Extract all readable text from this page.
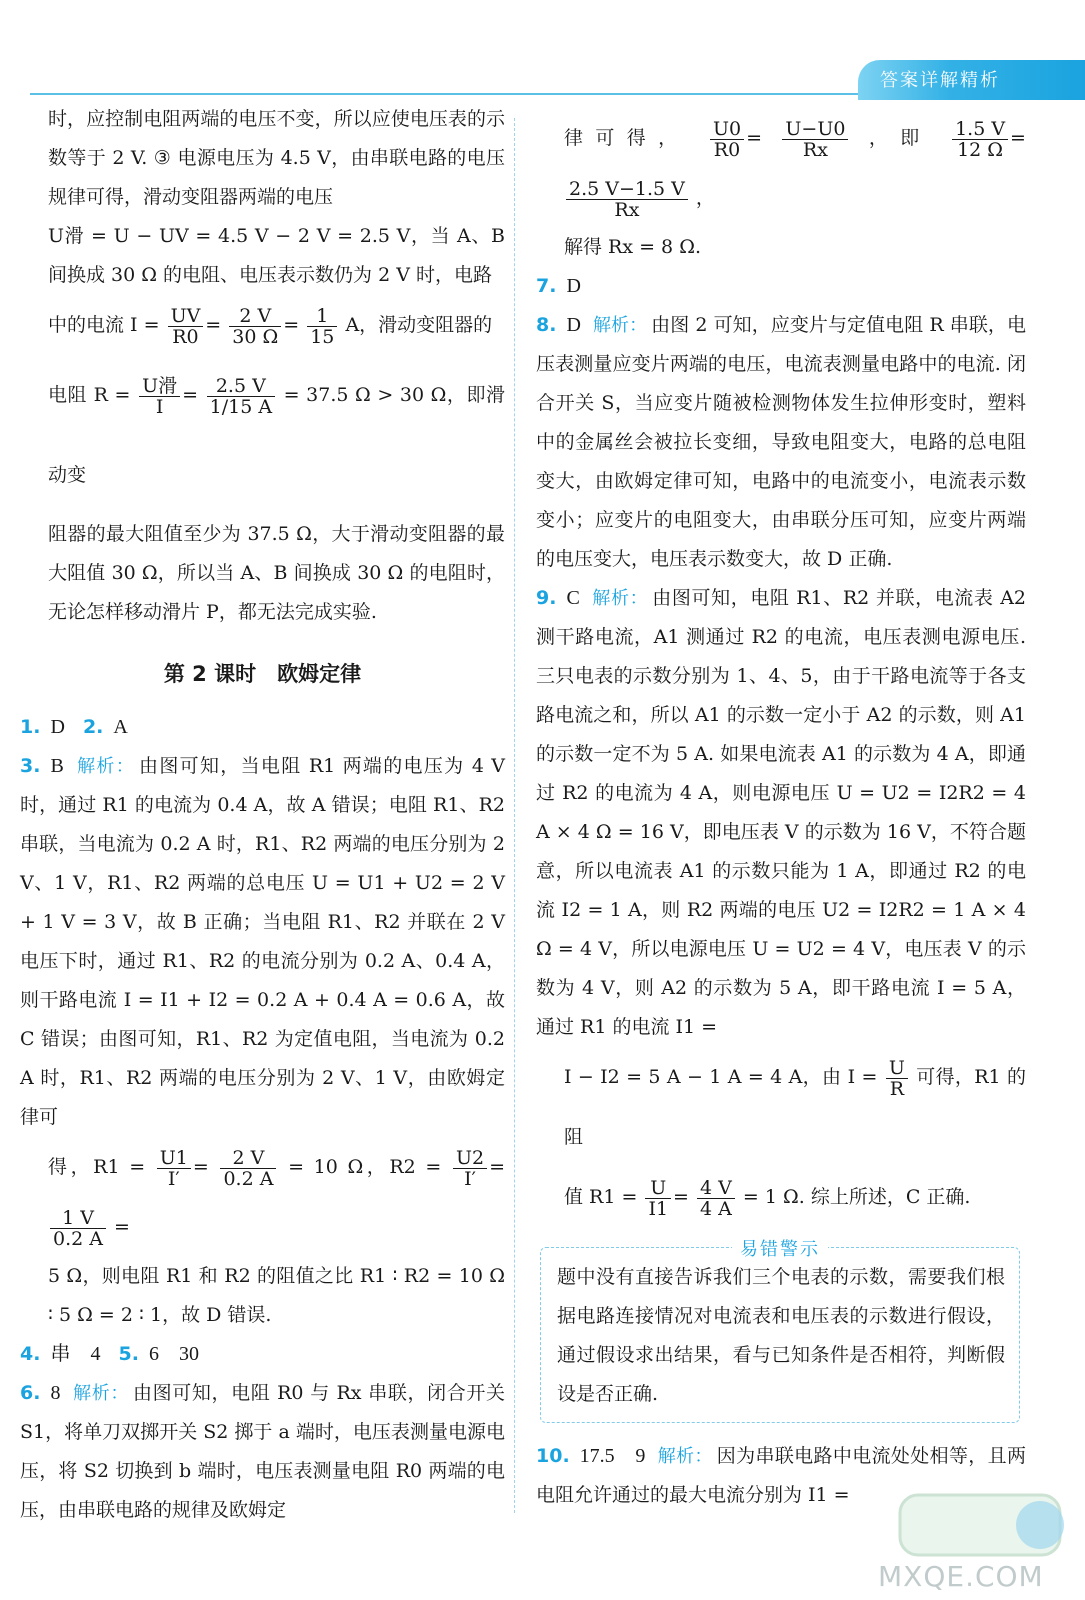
答案详解精析

时，应控制电阻两端的电压不变，所以应使电压表的示数等于 2 V. ③ 电源电压为 4.5 V，由串联电路的电压规律可得，滑动变阻器两端的电压

U滑 = U − UV = 4.5 V − 2 V = 2.5 V，当 A、B 间换成 30 Ω 的电阻、电压表示数仍为 2 V 时，电路

中的电流 $I = \frac{UV}{R0} = \frac{2 V}{30 \Omega} = \frac{1}{15}$ A，滑动变阻器的

电阻 $R = \frac{\text{U滑}}{I} = \frac{2.5 V}{1/15 A} = 37.5$ Ω > 30 Ω，即滑动变

阻器的最大阻值至少为 37.5 Ω，大于滑动变阻器的最大阻值 30 Ω，所以当 A、B 间换成 30 Ω 的电阻时，无论怎样移动滑片 P，都无法完成实验.

第 2 课时　欧姆定律

1. D 2. A

3. B 解析： 由图可知，当电阻 R1 两端的电压为 4 V 时，通过 R1 的电流为 0.4 A，故 A 错误；电阻 R1、R2 串联，当电流为 0.2 A 时，R1、R2 两端的电压分别为 2 V、1 V，R1、R2 两端的总电压 U = U1 + U2 = 2 V + 1 V = 3 V，故 B 正确；当电阻 R1、R2 并联在 2 V 电压下时，通过 R1、R2 的电流分别为 0.2 A、0.4 A，则干路电流 I = I1 + I2 = 0.2 A + 0.4 A = 0.6 A，故 C 错误；由图可知，R1、R2 为定值电阻，当电流为 0.2 A 时，R1、R2 两端的电压分别为 2 V、1 V，由欧姆定律可

得，$R1 = \frac{U1}{I'} = \frac{2 V}{0.2 A} = 10$ Ω，$R2 = \frac{U2}{I'}$ =
$\frac{1 V}{0.2 A}$ =

5 Ω，则电阻 R1 和 R2 的阻值之比 R1 ∶ R2 = 10 Ω ∶ 5 Ω = 2 ∶ 1，故 D 错误.

4. 串　4 5. 6　30

6. 8 解析： 由图可知，电阻 R0 与 Rx 串联，闭合开关 S1，将单刀双掷开关 S2 掷于 a 端时，电压表测量电源电压，将 S2 切换到 b 端时，电压表测量电阻 R0 两端的电压，由串联电路的规律及欧姆定

律可得， $\frac{U0}{R0} = \frac{U-U0}{Rx}$ ，即 $\frac{1.5 V}{12 \Omega}$ =
$\frac{2.5 V-1.5 V}{Rx}$ ，

解得 Rx = 8 Ω.

7. D

8. D 解析： 由图 2 可知，应变片与定值电阻 R 串联，电压表测量应变片两端的电压，电流表测量电路中的电流. 闭合开关 S，当应变片随被检测物体发生拉伸形变时，塑料中的金属丝会被拉长变细，导致电阻变大，电路的总电阻变大，由欧姆定律可知，电路中的电流变小，电流表示数变小；应变片的电阻变大，由串联分压可知，应变片两端的电压变大，电压表示数变大，故 D 正确.

9. C 解析： 由图可知，电阻 R1、R2 并联，电流表 A2 测干路电流，A1 测通过 R2 的电流，电压表测电源电压. 三只电表的示数分别为 1、4、5，由于干路电流等于各支路电流之和，所以 A1 的示数一定小于 A2 的示数，则 A1 的示数一定不为 5 A. 如果电流表 A1 的示数为 4 A，即通过 R2 的电流为 4 A，则电源电压 U = U2 = I2R2 = 4 A × 4 Ω = 16 V，即电压表 V 的示数为 16 V，不符合题意，所以电流表 A1 的示数只能为 1 A，即通过 R2 的电流 I2 = 1 A，则 R2 两端的电压 U2 = I2R2 = 1 A × 4 Ω = 4 V，所以电源电压 U = U2 = 4 V，电压表 V 的示数为 4 V，则 A2 的示数为 5 A，即干路电流 I = 5 A，通过 R1 的电流 I1 =

I − I2 = 5 A − 1 A = 4 A，由 $I = \frac{U}{R}$ 可得，R1 的阻

值 $R1 = \frac{U}{I1} = \frac{4 V}{4 A} = 1$ Ω. 综上所述，C 正确.

易错警示

题中没有直接告诉我们三个电表的示数，需要我们根据电路连接情况对电流表和电压表的示数进行假设，通过假设求出结果，看与已知条件是否相符，判断假设是否正确.

10. 17.5　9 解析： 因为串联电路中电流处处相等，且两电阻允许通过的最大电流分别为 I1 =

MXQE.COM
